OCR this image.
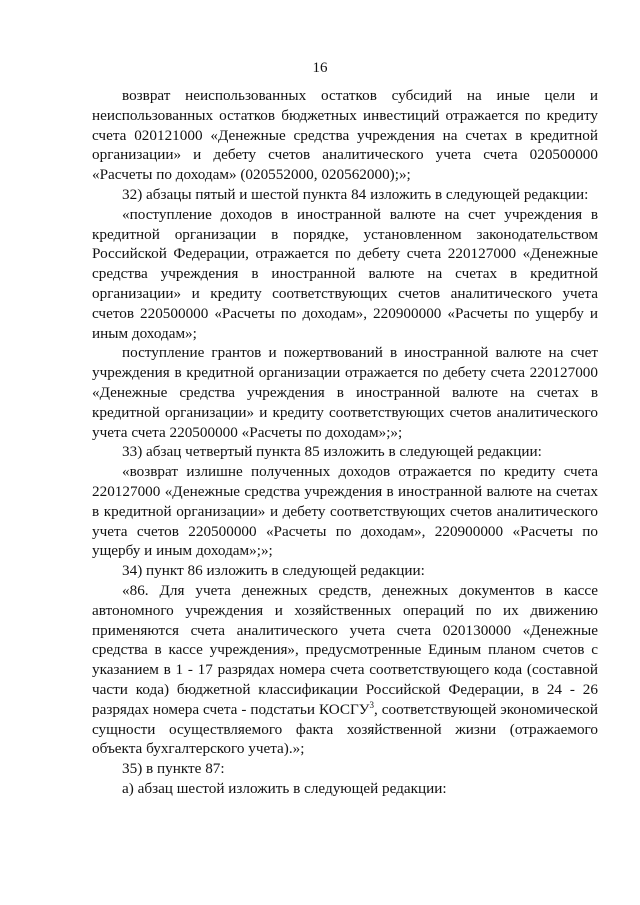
16

возврат неиспользованных остатков субсидий на иные цели и неиспользованных остатков бюджетных инвестиций отражается по кредиту счета 020121000 «Денежные средства учреждения на счетах в кредитной организации» и дебету счетов аналитического учета счета 020500000 «Расчеты по доходам» (020552000, 020562000);»;

32) абзацы пятый и шестой пункта 84 изложить в следующей редакции:

«поступление доходов в иностранной валюте на счет учреждения в кредитной организации в порядке, установленном законодательством Российской Федерации, отражается по дебету счета 220127000 «Денежные средства учреждения в иностранной валюте на счетах в кредитной организации» и кредиту соответствующих счетов аналитического учета счетов 220500000 «Расчеты по доходам», 220900000 «Расчеты по ущербу и иным доходам»;

поступление грантов и пожертвований в иностранной валюте на счет учреждения в кредитной организации отражается по дебету счета 220127000 «Денежные средства учреждения в иностранной валюте на счетах в кредитной организации» и кредиту соответствующих счетов аналитического учета счета 220500000 «Расчеты по доходам»;»;

33) абзац четвертый пункта 85 изложить в следующей редакции:

«возврат излишне полученных доходов отражается по кредиту счета 220127000 «Денежные средства учреждения в иностранной валюте на счетах в кредитной организации» и дебету соответствующих счетов аналитического учета счетов 220500000 «Расчеты по доходам», 220900000 «Расчеты по ущербу и иным доходам»;»;

34) пункт 86 изложить в следующей редакции:

«86. Для учета денежных средств, денежных документов в кассе автономного учреждения и хозяйственных операций по их движению применяются счета аналитического учета счета 020130000 «Денежные средства в кассе учреждения», предусмотренные Единым планом счетов с указанием в 1 - 17 разрядах номера счета соответствующего кода (составной части кода) бюджетной классификации Российской Федерации, в 24 - 26 разрядах номера счета - подстатьи КОСГУ$^3$, соответствующей экономической сущности осуществляемого факта хозяйственной жизни (отражаемого объекта бухгалтерского учета).»;

35) в пункте 87:

а) абзац шестой изложить в следующей редакции:
